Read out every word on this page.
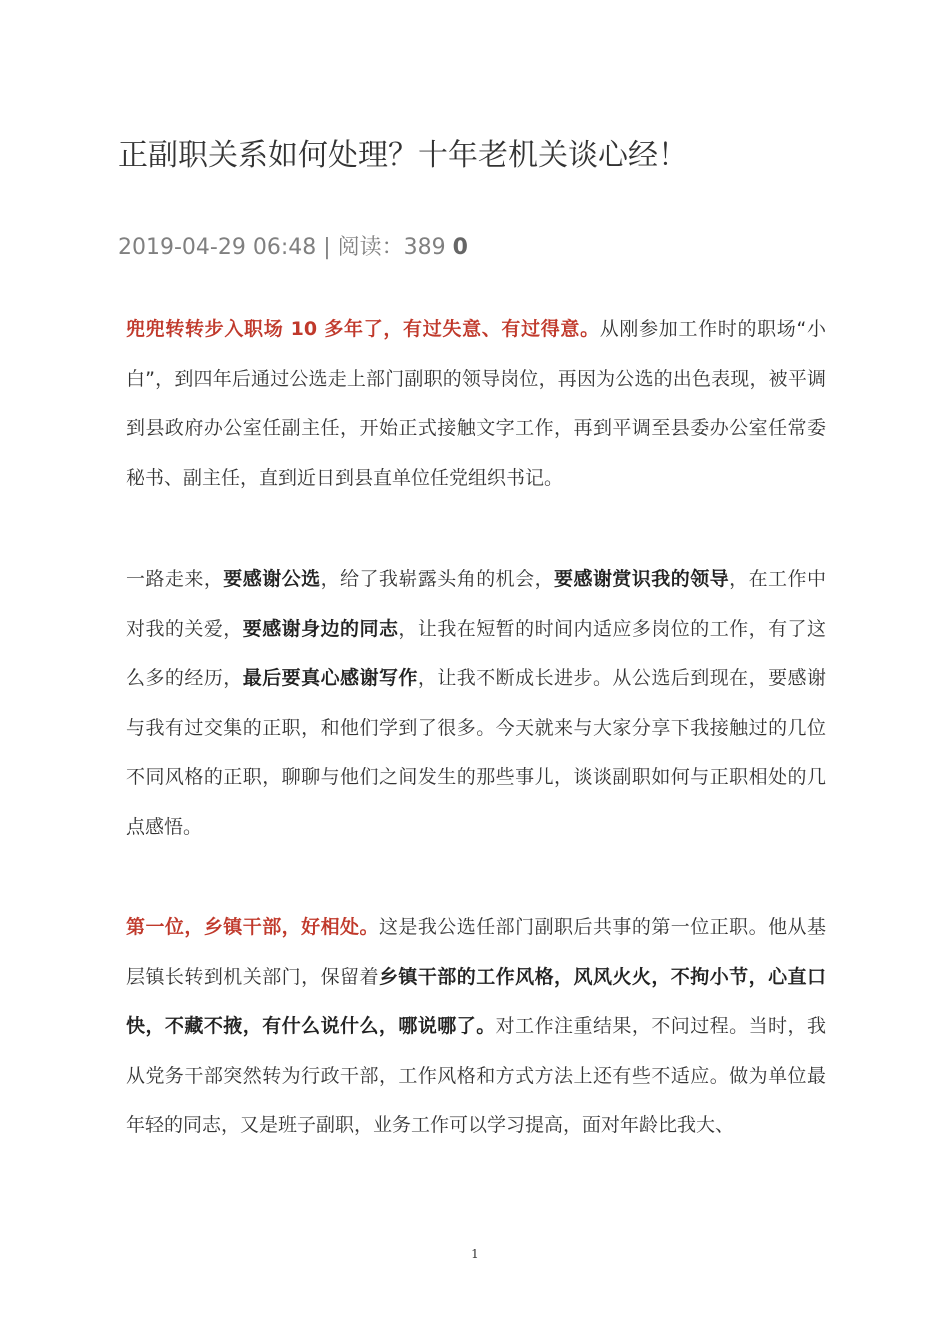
正副职关系如何处理？十年老机关谈心经！
2019-04-29 06:48 | 阅读：389 0

兜兜转转步入职场 10 多年了，有过失意、有过得意。从刚参加工作时的职场“小白”，到四年后通过公选走上部门副职的领导岗位，再因为公选的出色表现，被平调到县政府办公室任副主任，开始正式接触文字工作，再到平调至县委办公室任常委秘书、副主任，直到近日到县直单位任党组织书记。

一路走来，要感谢公选，给了我崭露头角的机会，要感谢赏识我的领导，在工作中对我的关爱，要感谢身边的同志，让我在短暂的时间内适应多岗位的工作，有了这么多的经历，最后要真心感谢写作，让我不断成长进步。从公选后到现在，要感谢与我有过交集的正职，和他们学到了很多。今天就来与大家分享下我接触过的几位不同风格的正职，聊聊与他们之间发生的那些事儿，谈谈副职如何与正职相处的几点感悟。

第一位，乡镇干部，好相处。这是我公选任部门副职后共事的第一位正职。他从基层镇长转到机关部门，保留着乡镇干部的工作风格，风风火火，不拘小节，心直口快，不藏不掖，有什么说什么，哪说哪了。对工作注重结果，不问过程。当时，我从党务干部突然转为行政干部，工作风格和方式方法上还有些不适应。做为单位最年轻的同志，又是班子副职，业务工作可以学习提高，面对年龄比我大、

1
